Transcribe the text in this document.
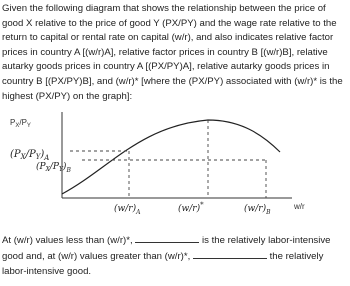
Given the following diagram that shows the relationship between the price of good X relative to the price of good Y (PX/PY) and the wage rate relative to the return to capital or rental rate on capital (w/r), and also indicates relative factor prices in country A [(w/r)A], relative factor prices in country B [(w/r)B], relative autarky goods prices in country A [(PX/PY)A], relative autarky goods prices in country B [(PX/PY)B], and (w/r)* [where the (PX/PY) associated with (w/r)* is the highest (PX/PY) on the graph]:

$P_X/P_Y$
$(P_X/P_Y)_A$
$(P_X/P_Y)_B$
$(w/r)_A$	(w/r)*	$(w/r)_B$
w/r

At (w/r) values less than (w/r)*,	is the relatively labor-intensive good and, at (w/r) values greater than (w/r)*,	the relatively labor-intensive good.
